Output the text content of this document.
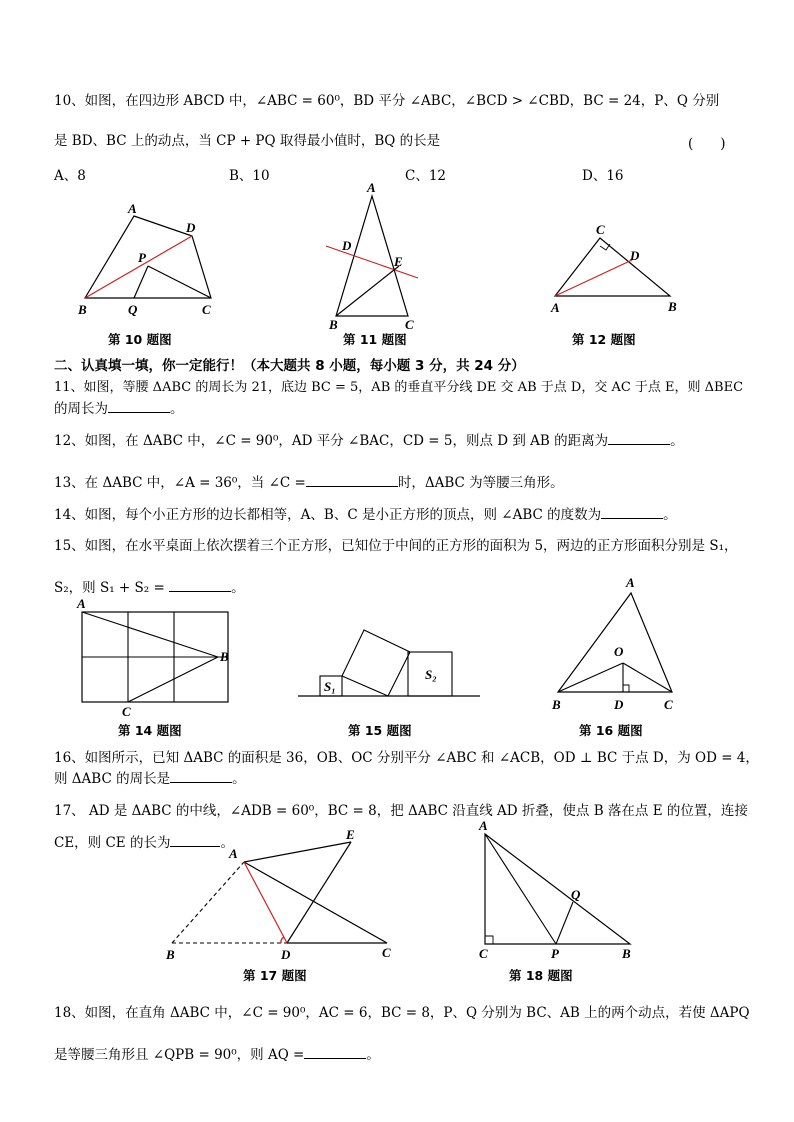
10、如图，在四边形 ABCD 中，∠ABC = 60⁰，BD 平分 ∠ABC，∠BCD > ∠CBD，BC = 24，P、Q 分别
是 BD、BC 上的动点，当 CP + PQ 取得最小值时，BQ 的长是	(　　)
A、8	B、10	C、12	D、16
A
D
P
B	Q	C
第 10 题图
A
D
E
B	C
第 11 题图
C
D
A	B
第 12 题图
二、认真填一填，你一定能行！（本大题共 8 小题，每小题 3 分，共 24 分）
11、如图，等腰 ΔABC 的周长为 21，底边 BC = 5，AB 的垂直平分线 DE 交 AB 于点 D，交 AC 于点 E，则 ΔBEC
的周长为	。
12、如图，在 ΔABC 中，∠C = 90⁰，AD 平分 ∠BAC，CD = 5，则点 D 到 AB 的距离为	。
13、在 ΔABC 中，∠A = 36⁰，当 ∠C =	时，ΔABC 为等腰三角形。
14、如图，每个小正方形的边长都相等，A、B、C 是小正方形的顶点，则 ∠ABC 的度数为	。
15、如图，在水平桌面上依次摆着三个正方形，已知位于中间的正方形的面积为 5，两边的正方形面积分别是 S₁，
S₂，则 S₁ + S₂ =	。
A
B
C
第 14 题图
S₁
S₂
第 15 题图
A
O
B	D	C
第 16 题图
16、如图所示，已知 ΔABC 的面积是 36，OB、OC 分别平分 ∠ABC 和 ∠ACB，OD ⊥ BC 于点 D，为 OD = 4，
则 ΔABC 的周长是	。
17、 AD 是 ΔABC 的中线，∠ADB = 60⁰，BC = 8，把 ΔABC 沿直线 AD 折叠，使点 B 落在点 E 的位置，连接
CE，则 CE 的长为	。
A
E
B	D	C
第 17 题图
A
Q
C	P	B
第 18 题图
18、如图，在直角 ΔABC 中，∠C = 90⁰，AC = 6，BC = 8，P、Q 分别为 BC、AB 上的两个动点，若使 ΔAPQ
是等腰三角形且 ∠QPB = 90⁰，则 AQ =	。
